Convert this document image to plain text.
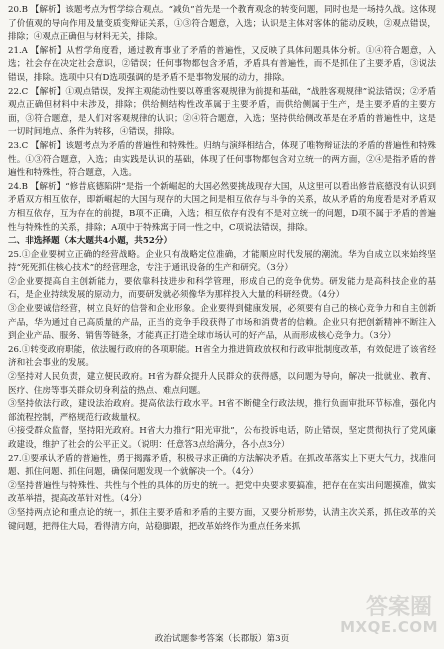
20.B 【解析】该题考点为哲学综合观点。“减负”首先是一个教育观念的转变问题，同时也是一场持久战。这体现了价值观的导向作用及量变质变辩证关系，①③符合题意，入选；认识是主体对客体的能动反映，②观点错误，排除；④观点正确但与材料无关，排除。

21.A 【解析】从哲学角度看，通过教育事业了矛盾的普遍性，又反映了具体问题具体分析。①④符合题意，入选；社会存在决定社会意识，②错误；任何事物都包含矛盾，矛盾具有普遍性，而不是抓住了主要矛盾，③说法错误，排除。选项中只有D选项强调的是矛盾不是事物发展的动力，排除。

22.C 【解析】①观点错误，发挥主观能动性要以尊重客观规律为前提和基础，“战胜客观规律”说法错误；②矛盾观点正确但材料中未涉及，排除；供给侧结构性改革属于主要矛盾，而供给侧属于生产，是主要矛盾的主要方面，③符合题意，是人们对客观规律的认识；②④符合题意，入选；坚持供给侧改革是在矛盾的普遍性中，这是一切时间地点、条件为转移，④错误，排除。

23.C 【解析】该题考点为矛盾的普遍性和特殊性。归纳与演绎相结合，体现了唯物辩证法的矛盾的普遍性和特殊性。①③符合题意，入选；由实践是认识的基础，体现了任何事物都包含对立统一的两方面，②④是指矛盾的普遍性和特殊性，符合题意，入选。

24.B 【解析】“修昔底德陷阱”是指一个新崛起的大国必然要挑战现存大国，从这里可以看出修昔底德没有认识到矛盾双方相互依存，即新崛起的大国与现存的大国之间是相互依存与斗争的关系，故从矛盾的角度看是对矛盾双方相互依存，互为存在的前提，B项不正确，入选；相互依存有没有不是对立统一的问题，D项不属于矛盾的普遍性与特殊性的关系，排除；A项中于特殊寓于同一性之中，C项说法错误，排除。

二、非选择题（本大题共4小题，共52分）

25.①企业要树立正确的经营战略。企业只有战略定位准确，才能顺应时代发展的潮流。华为自成立以来始终坚持“死死抓住核心技术”的经营理念，专注于通讯设备的生产和研究。（3分）

②企业要提高自主创新能力，要依靠科技进步和科学管理，形成自己的竞争优势。研发能力是高科技企业的基石，是企业持续发展的原动力，而要研发就必须像华为那样投入大量的科研经费。（4分）

③企业要诚信经营，树立良好的信誉和企业形象。企业要得到健康发展，必须要有自己的核心竞争力和自主创新产品，华为通过自己高质量的产品，正当的竞争手段获得了市场和消费者的信赖。企业只有把创新精神不断注入到企业产品、服务、销售等链条，才能真正打造全球市场认可的好产品，从而形成核心竞争力。（3分）

26.①转变政府职能，依法履行政府的各项职能。H省全力推进简政放权和行政审批制度改革，有效促进了该省经济和社会事业的发展。

②坚持对人民负责，建立便民政府。H省为群众提升人民群众的获得感，以问题为导向，解决一批就业、教育、医疗、住房等事关群众切身利益的热点、难点问题。

③坚持依法行政，建设法治政府。提高依法行政水平。H省不断健全行政法规，推行负面审批环节标准，强化内部流程控制，严格规范行政裁量权。

④接受群众监督，坚持阳光政府。H省大力推行“阳光审批”，公布投诉电话，防止错误，坚定贯彻执行了党风廉政建设，维护了社会的公平正义。（说明：任意答3点给满分，各小点3分）

27.①要承认矛盾的普遍性，勇于揭露矛盾，积极寻求正确的方法解决矛盾。在抓改革落实上下更大气力，找准问题、抓住问题、抓住问题，确保问题发现一个就解决一个。（4分）

②坚持普遍性与特殊性、共性与个性的具体的历史的统一。把党中央要求要搞准，把存在在实出问题摸准，做实改革举措，提高改革针对性。（4分）

③坚持两点论和重点论的统一，抓住主要矛盾和矛盾的主要方面，又要分析形势，认清主次关系，抓住改革的关键问题，把得住大局，看得清方向，站稳脚跟，把改革始终作为重点任务来抓

答案圈
MXQE.COM
政治试题参考答案（长郡版）第3页
